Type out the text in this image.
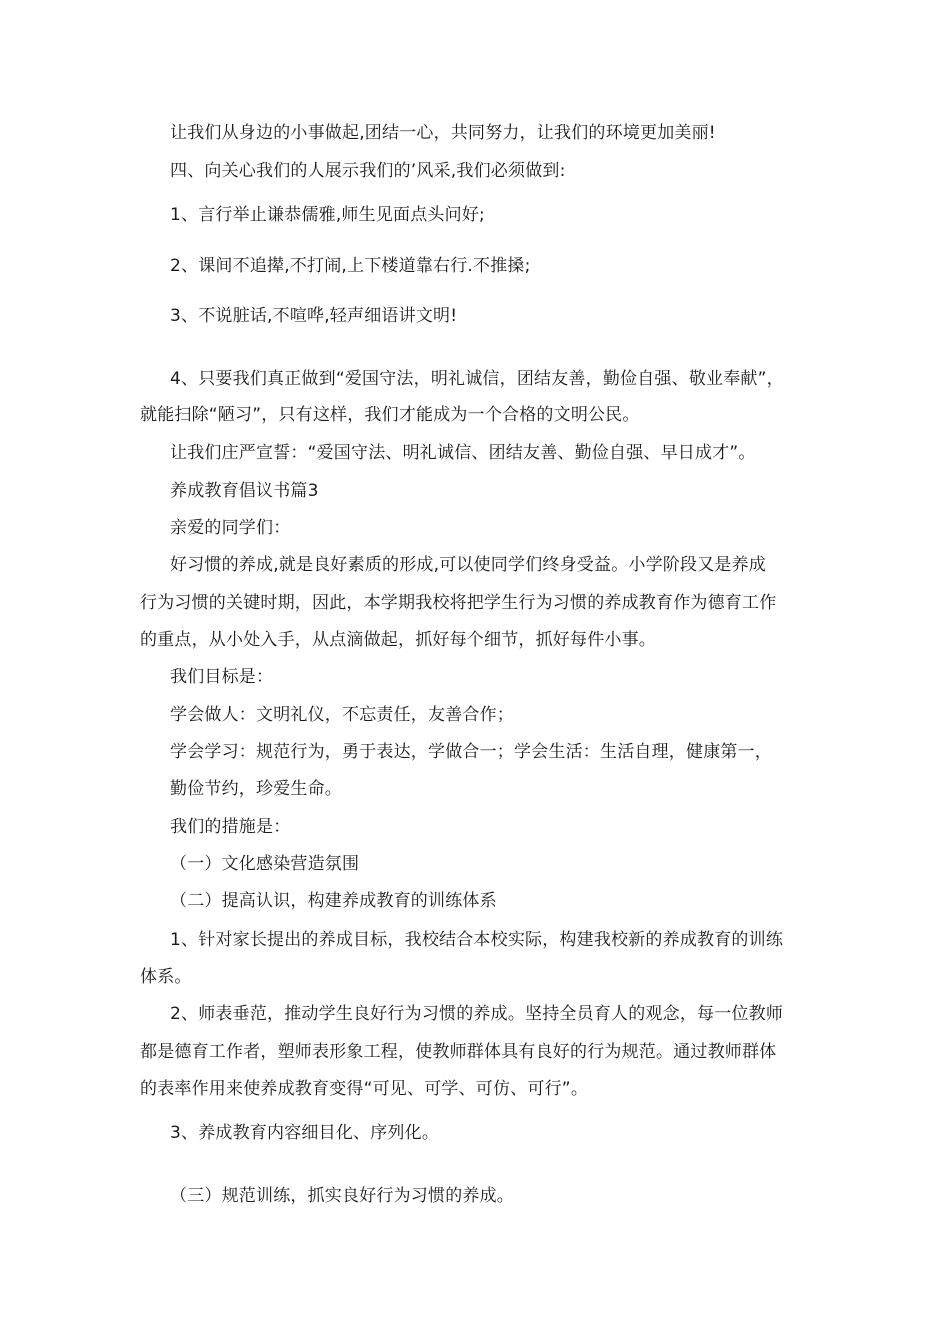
让我们从身边的小事做起,团结一心，共同努力，让我们的环境更加美丽!
四、向关心我们的人展示我们的’风采,我们必须做到:
1、言行举止谦恭儒雅,师生见面点头问好;
2、课间不追撵,不打闹,上下楼道靠右行.不推搡;
3、不说脏话,不喧哗,轻声细语讲文明!
4、只要我们真正做到“爱国守法，明礼诚信，团结友善，勤俭自强、敬业奉献”，
就能扫除“陋习”，只有这样，我们才能成为一个合格的文明公民。
让我们庄严宣誓：“爱国守法、明礼诚信、团结友善、勤俭自强、早日成才”。
养成教育倡议书篇3
亲爱的同学们：
好习惯的养成,就是良好素质的形成,可以使同学们终身受益。小学阶段又是养成
行为习惯的关键时期，因此，本学期我校将把学生行为习惯的养成教育作为德育工作
的重点，从小处入手，从点滴做起，抓好每个细节，抓好每件小事。
我们目标是：
学会做人：文明礼仪，不忘责任，友善合作；
学会学习：规范行为，勇于表达，学做合一；学会生活：生活自理，健康第一，
勤俭节约，珍爱生命。
我们的措施是：
（一）文化感染营造氛围
（二）提高认识，构建养成教育的训练体系
1、针对家长提出的养成目标，我校结合本校实际，构建我校新的养成教育的训练
体系。
2、师表垂范，推动学生良好行为习惯的养成。坚持全员育人的观念，每一位教师
都是德育工作者，塑师表形象工程，使教师群体具有良好的行为规范。通过教师群体
的表率作用来使养成教育变得“可见、可学、可仿、可行”。
3、养成教育内容细目化、序列化。
（三）规范训练，抓实良好行为习惯的养成。
